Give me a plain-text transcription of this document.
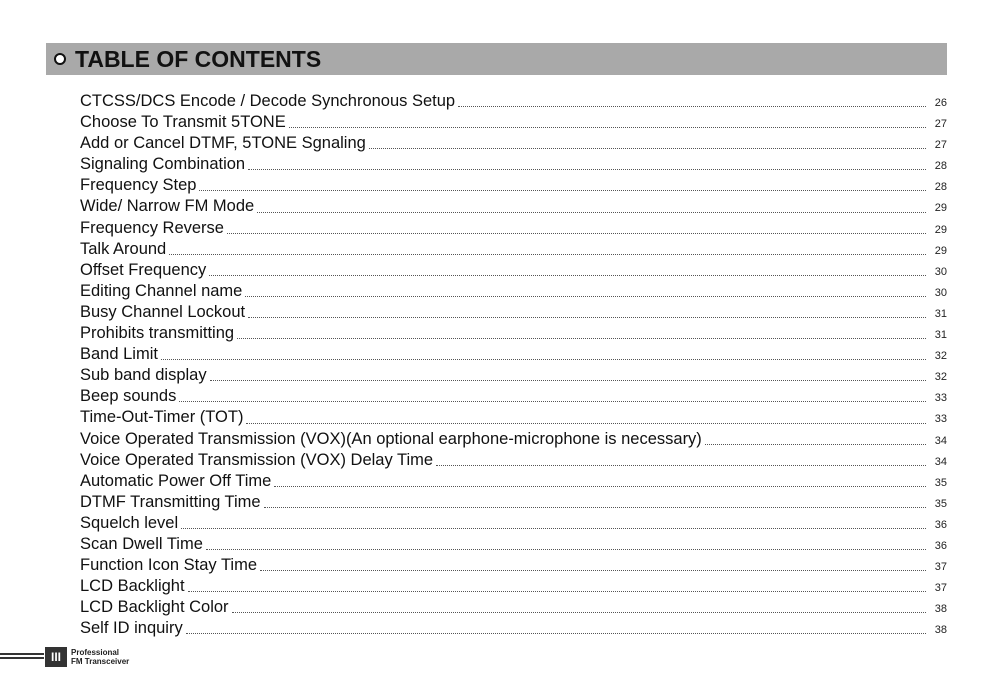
TABLE OF CONTENTS
CTCSS/DCS Encode / Decode Synchronous Setup	26
Choose To Transmit 5TONE	27
Add or Cancel DTMF, 5TONE Sgnaling	27
Signaling Combination	28
Frequency Step	28
Wide/ Narrow FM Mode	29
Frequency Reverse	29
Talk Around	29
Offset Frequency	30
Editing Channel name	30
Busy Channel Lockout	31
Prohibits transmitting	31
Band Limit	32
Sub band display	32
Beep sounds	33
Time-Out-Timer (TOT)	33
Voice Operated Transmission (VOX)(An optional earphone-microphone is necessary)	34
Voice Operated Transmission (VOX) Delay Time	34
Automatic Power Off Time	35
DTMF Transmitting Time	35
Squelch level	36
Scan Dwell Time	36
Function Icon Stay Time	37
LCD Backlight	37
LCD Backlight Color	38
Self ID inquiry	38
III	Professional
FM Transceiver
